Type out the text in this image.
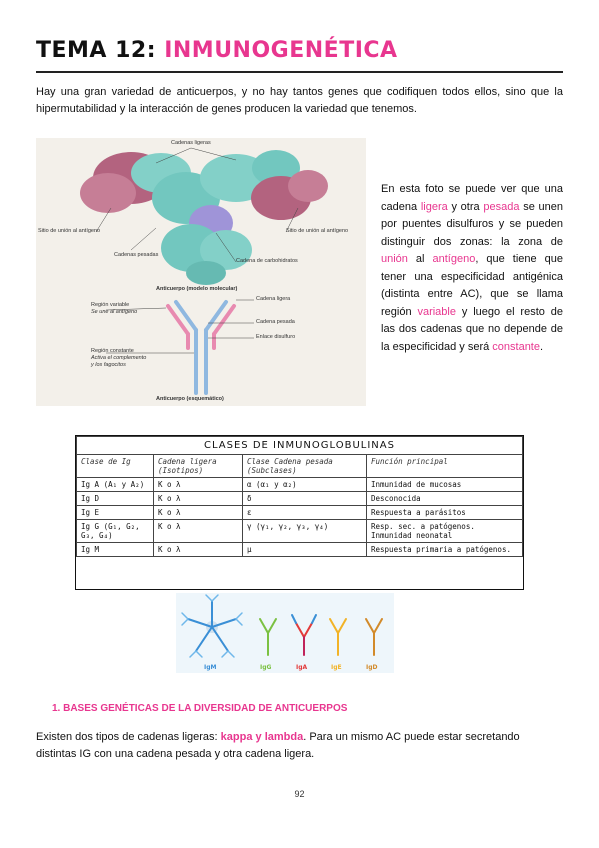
TEMA 12: INMUNOGENÉTICA
Hay una gran variedad de anticuerpos, y no hay tantos genes que codifiquen todos ellos, sino que la hipermutabilidad y la interacción de genes producen la variedad que tenemos.
Cadenas ligeras
Sitio de unión al antígeno	Sitio de unión al antígeno
Cadenas pesadas
Cadena de carbohidratos
Anticuerpo (modelo molecular)
Región variable
Se une al antígeno
Cadena ligera
Cadena pesada
Enlace disulfuro
Región constante
Activa el complemento
y los fagocitos
Anticuerpo (esquemático)
En esta foto se puede ver que una cadena ligera y otra pesada se unen por puentes disulfuros y se pueden distinguir dos zonas: la zona de unión al antígeno, que tiene que tener una especificidad antigénica (distinta entre AC), que se llama región variable y luego el resto de las dos cadenas que no depende de la especificidad y será constante.
CLASES DE INMUNOGLOBULINAS			
Clase de Ig	Cadena ligera (Isotipos)	Clase Cadena pesada (Subclases)	Función principal
Ig A (A₁ y A₂)	K o λ	α (α₁ y α₂)	Inmunidad de mucosas
Ig D	K o λ	δ	Desconocida
Ig E	K o λ	ε	Respuesta a parásitos
Ig G (G₁, G₂, G₃, G₄)	K o λ	γ (γ₁, γ₂, γ₃, γ₄)	Resp. sec. a patógenos. Inmunidad neonatal
Ig M	K o λ	μ	Respuesta primaria a patógenos.
IgM	IgG	IgA	IgE	IgD
1. BASES GENÉTICAS DE LA DIVERSIDAD DE ANTICUERPOS
Existen dos tipos de cadenas ligeras: kappa y lambda. Para un mismo AC puede estar secretando distintas IG con una cadena pesada y otra cadena ligera.
92
